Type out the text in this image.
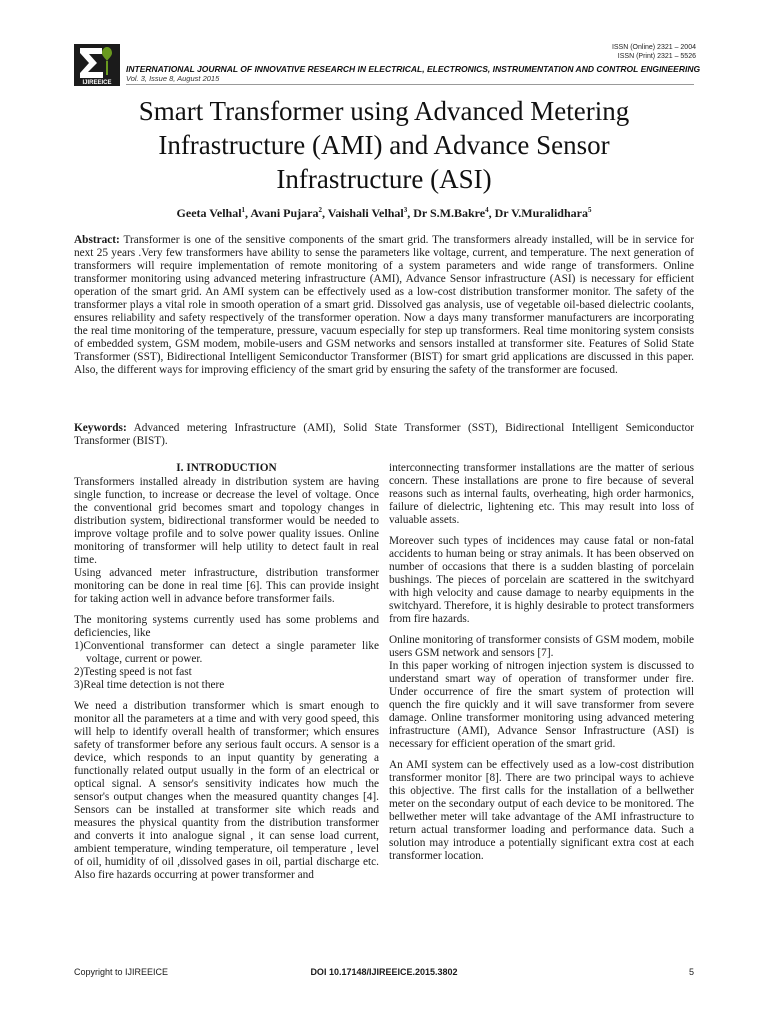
ISSN (Online) 2321 – 2004
ISSN (Print) 2321 – 5526
IJIREEICE
INTERNATIONAL JOURNAL OF INNOVATIVE RESEARCH IN ELECTRICAL, ELECTRONICS, INSTRUMENTATION AND CONTROL ENGINEERING
Vol. 3, Issue 8, August 2015
Smart Transformer using Advanced Metering
Infrastructure (AMI) and Advance Sensor
Infrastructure (ASI)
Geeta Velhal$^1$, Avani Pujara$^2$, Vaishali Velhal$^3$, Dr S.M.Bakre$^4$, Dr V.Muralidhara$^5$
Abstract: Transformer is one of the sensitive components of the smart grid. The transformers already installed, will be in service for next 25 years .Very few transformers have ability to sense the parameters like voltage, current, and temperature. The next generation of transformers will require implementation of remote monitoring of a system parameters and wide range of transformers. Online transformer monitoring using advanced metering infrastructure (AMI), Advance Sensor infrastructure (ASI) is necessary for efficient operation of the smart grid. An AMI system can be effectively used as a low-cost distribution transformer monitor. The safety of the transformer plays a vital role in smooth operation of a smart grid. Dissolved gas analysis, use of vegetable oil-based dielectric coolants, ensures reliability and safety respectively of the transformer operation. Now a days many transformer manufacturers are incorporating the real time monitoring of the temperature, pressure, vacuum especially for step up transformers. Real time monitoring system consists of embedded system, GSM modem, mobile-users and GSM networks and sensors installed at transformer site. Features of Solid State Transformer (SST), Bidirectional Intelligent Semiconductor Transformer (BIST) for smart grid applications are discussed in this paper. Also, the different ways for improving efficiency of the smart grid by ensuring the safety of the transformer are focused.
Keywords: Advanced metering Infrastructure (AMI), Solid State Transformer (SST), Bidirectional Intelligent Semiconductor Transformer (BIST).
I. INTRODUCTION

Transformers installed already in distribution system are having single function, to increase or decrease the level of voltage. Once the conventional grid becomes smart and topology changes in distribution system, bidirectional transformer would be needed to improve voltage profile and to solve power quality issues. Online monitoring of transformer will help utility to detect fault in real time.

Using advanced meter infrastructure, distribution transformer monitoring can be done in real time [6]. This can provide insight for taking action well in advance before transformer fails.

The monitoring systems currently used has some problems and deficiencies, like

1)Conventional transformer can detect a single parameter like voltage, current or power.
2)Testing speed is not fast
3)Real time detection is not there

We need a distribution transformer which is smart enough to monitor all the parameters at a time and with very good speed, this will help to identify overall health of transformer; which ensures safety of transformer before any serious fault occurs. A sensor is a device, which responds to an input quantity by generating a functionally related output usually in the form of an electrical or optical signal. A sensor's sensitivity indicates how much the sensor's output changes when the measured quantity changes [4]. Sensors can be installed at transformer site which reads and measures the physical quantity from the distribution transformer and converts it into analogue signal , it can sense load current, ambient temperature, winding temperature, oil temperature , level of oil, humidity of oil ,dissolved gases in oil, partial discharge etc. Also fire hazards occurring at power transformer and

interconnecting transformer installations are the matter of serious concern. These installations are prone to fire because of several reasons such as internal faults, overheating, high order harmonics, failure of dielectric, lightening etc. This may result into loss of valuable assets.

Moreover such types of incidences may cause fatal or non-fatal accidents to human being or stray animals. It has been observed on number of occasions that there is a sudden blasting of porcelain bushings. The pieces of porcelain are scattered in the switchyard with high velocity and cause damage to nearby equipments in the switchyard. Therefore, it is highly desirable to protect transformers from fire hazards.

Online monitoring of transformer consists of GSM modem, mobile users GSM network and sensors [7].

In this paper working of nitrogen injection system is discussed to understand smart way of operation of transformer under fire. Under occurrence of fire the smart system of protection will quench the fire quickly and it will save transformer from severe damage. Online transformer monitoring using advanced metering infrastructure (AMI), Advance Sensor Infrastructure (ASI) is necessary for efficient operation of the smart grid.

An AMI system can be effectively used as a low-cost distribution transformer monitor [8]. There are two principal ways to achieve this objective. The first calls for the installation of a bellwether meter on the secondary output of each device to be monitored. The bellwether meter will take advantage of the AMI infrastructure to return actual transformer loading and performance data. Such a solution may introduce a potentially significant extra cost at each transformer location.

Copyright to IJIREEICE	DOI 10.17148/IJIREEICE.2015.3802	5
